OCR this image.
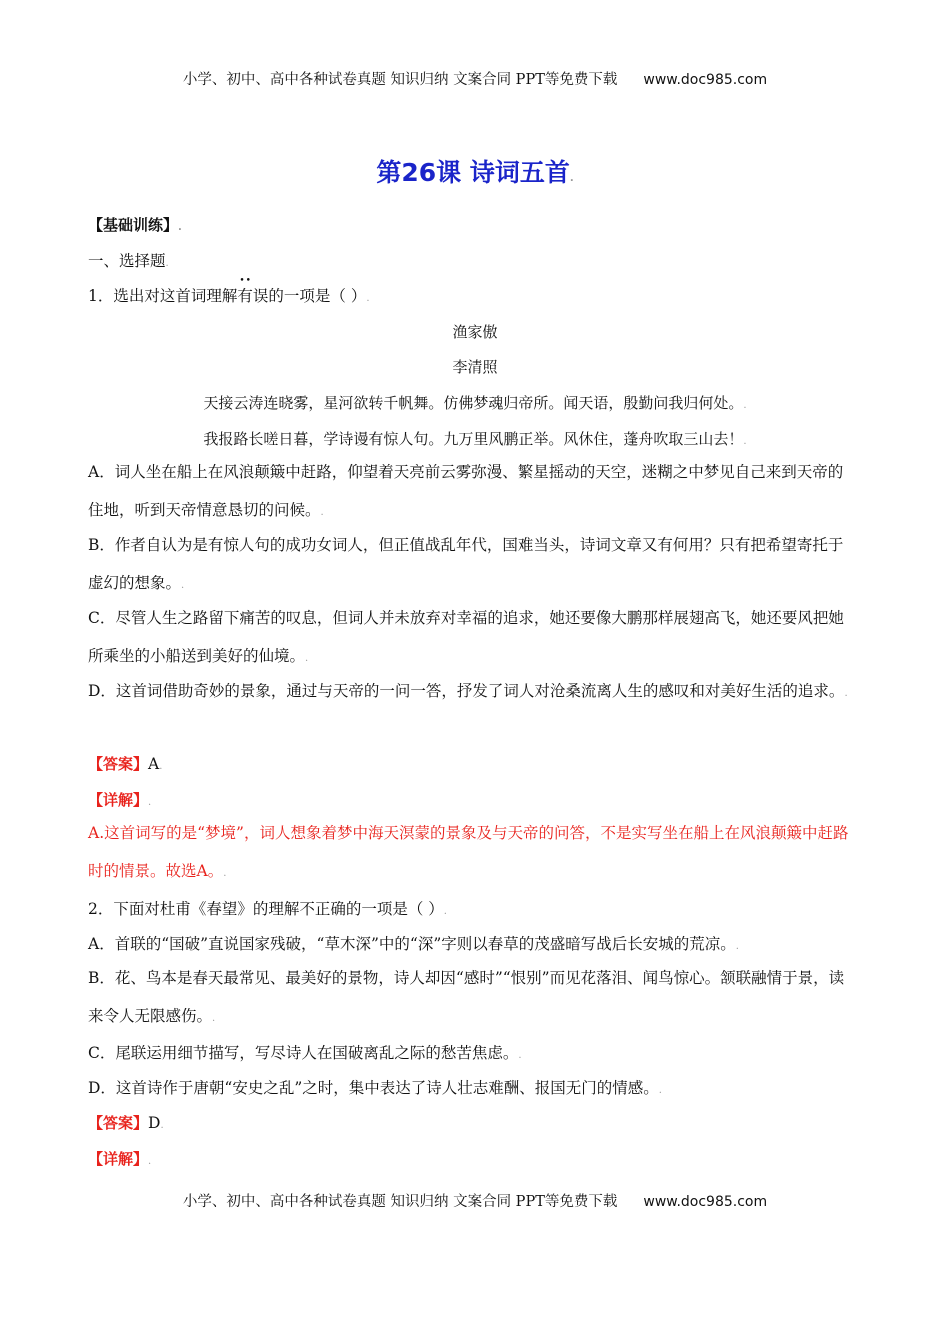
小学、初中、高中各种试卷真题 知识归纳 文案合同 PPT等免费下载 www.doc985.com
第26课 诗词五首 .
【基础训练】 .
一、选择题 .
1．选出对这首词理解•• 有误的一项是（ ） .
渔家傲
李清照
天接云涛连晓雾，星河欲转千帆舞。仿佛梦魂归帝所。闻天语，殷勤问我归何处。 .
我报路长嗟日暮，学诗谩有惊人句。九万里风鹏正举。风休住，蓬舟吹取三山去！ .
A．词人坐在船上在风浪颠簸中赶路，仰望着天亮前云雾弥漫、繁星摇动的天空，迷糊之中梦见自己来到天帝的住地，听到天帝情意恳切的问候。 .
B．作者自认为是有惊人句的成功女词人，但正值战乱年代，国难当头，诗词文章又有何用？只有把希望寄托于虚幻的想象。 .
C．尽管人生之路留下痛苦的叹息，但词人并未放弃对幸福的追求，她还要像大鹏那样展翅高飞，她还要风把她所乘坐的小船送到美好的仙境。 .
D．这首词借助奇妙的景象，通过与天帝的一问一答，抒发了词人对沧桑流离人生的感叹和对美好生活的追求。 .
【答案】A .
【详解】 .
A.这首词写的是“梦境”，词人想象着梦中海天溟蒙的景象及与天帝的问答，不是实写坐在船上在风浪颠簸中赶路时的情景。故选A。 .
2．下面对杜甫《春望》的理解不正确的一项是（ ） .
A．首联的“国破”直说国家残破，“草木深”中的“深”字则以春草的茂盛暗写战后长安城的荒凉。 .
B．花、鸟本是春天最常见、最美好的景物，诗人却因“感时”“恨别”而见花落泪、闻鸟惊心。颔联融情于景，读来令人无限感伤。 .
C．尾联运用细节描写，写尽诗人在国破离乱之际的愁苦焦虑。 .
D．这首诗作于唐朝“安史之乱”之时，集中表达了诗人壮志难酬、报国无门的情感。 .
【答案】D .
【详解】 .
小学、初中、高中各种试卷真题 知识归纳 文案合同 PPT等免费下载 www.doc985.com
